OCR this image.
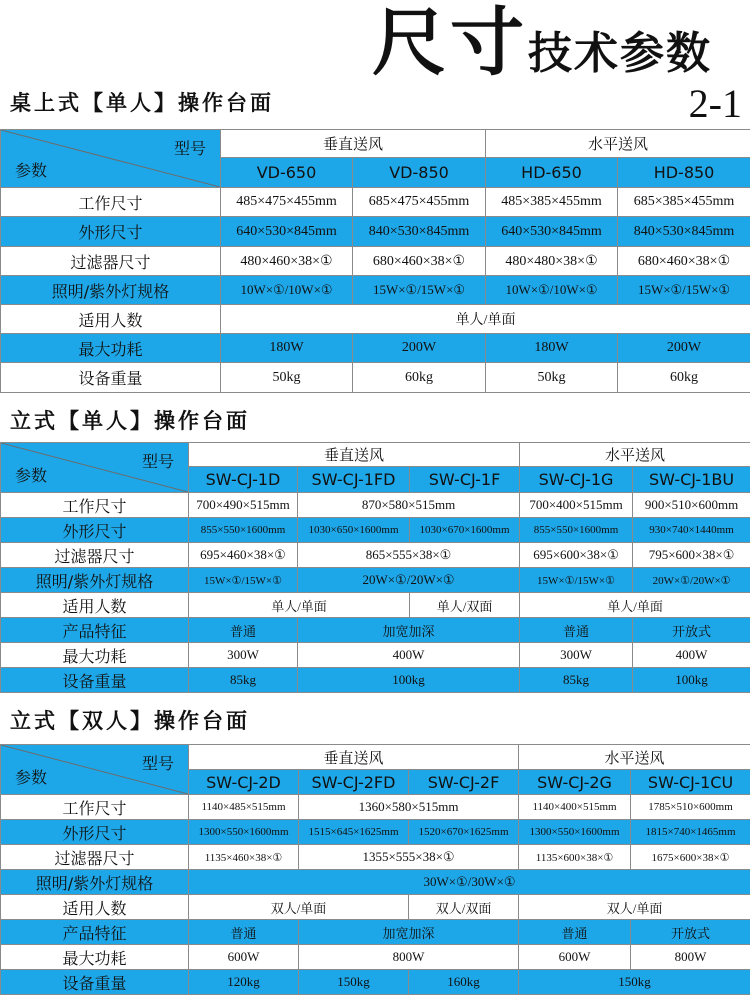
尺寸 技术参数
桌上式【单人】操作台面	2-1
参数
型号	垂直送风		水平送风	
	VD-650	VD-850	HD-650	HD-850
工作尺寸	485×475×455mm	685×475×455mm	485×385×455mm	685×385×455mm
外形尺寸	640×530×845mm	840×530×845mm	640×530×845mm	840×530×845mm
过滤器尺寸	480×460×38×①	680×460×38×①	480×480×38×①	680×460×38×①
照明/紫外灯规格	10W×①/10W×①	15W×①/15W×①	10W×①/10W×①	15W×①/15W×①
适用人数	单人/单面			
最大功耗	180W	200W	180W	200W
设备重量	50kg	60kg	50kg	60kg
立式【单人】操作台面
参数
型号	垂直送风			水平送风	
	SW-CJ-1D	SW-CJ-1FD	SW-CJ-1F	SW-CJ-1G	SW-CJ-1BU
工作尺寸	700×490×515mm	870×580×515mm		700×400×515mm	900×510×600mm
外形尺寸	855×550×1600mm	1030×650×1600mm	1030×670×1600mm	855×550×1600mm	930×740×1440mm
过滤器尺寸	695×460×38×①	865×555×38×①		695×600×38×①	795×600×38×①
照明/紫外灯规格	15W×①/15W×①	20W×①/20W×①		15W×①/15W×①	20W×①/20W×①
适用人数	单人/单面		单人/双面	单人/单面	
产品特征	普通	加宽加深		普通	开放式
最大功耗	300W	400W		300W	400W
设备重量	85kg	100kg		85kg	100kg
立式【双人】操作台面
参数
型号	垂直送风			水平送风	
	SW-CJ-2D	SW-CJ-2FD	SW-CJ-2F	SW-CJ-2G	SW-CJ-1CU
工作尺寸	1140×485×515mm	1360×580×515mm		1140×400×515mm	1785×510×600mm
外形尺寸	1300×550×1600mm	1515×645×1625mm	1520×670×1625mm	1300×550×1600mm	1815×740×1465mm
过滤器尺寸	1135×460×38×①	1355×555×38×①		1135×600×38×①	1675×600×38×①
照明/紫外灯规格	30W×①/30W×①				
适用人数	双人/单面		双人/双面	双人/单面	
产品特征	普通	加宽加深		普通	开放式
最大功耗	600W	800W		600W	800W
设备重量	120kg	150kg	160kg	150kg	
